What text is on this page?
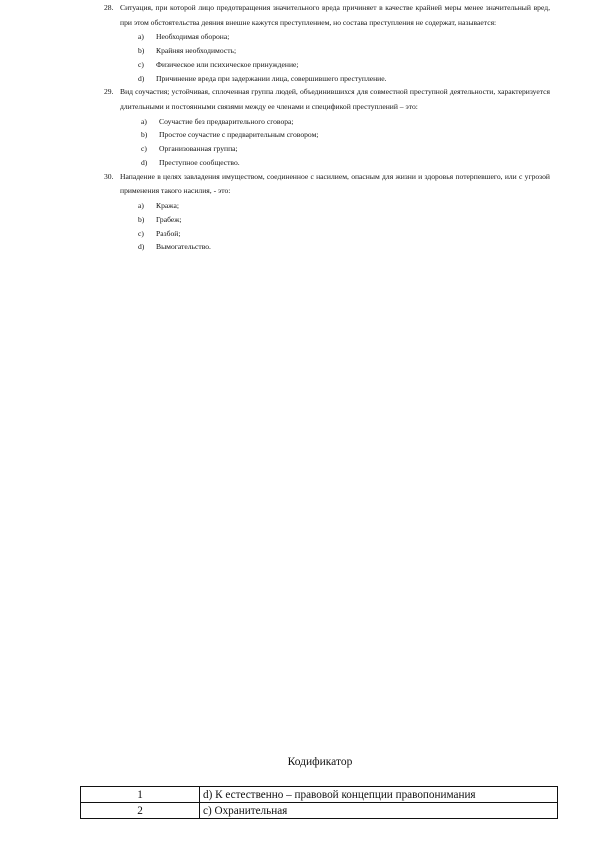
28. Ситуация, при которой лицо предотвращения значительного вреда причиняет в качестве крайней меры менее значительный вред, при этом обстоятельства деяния внешне кажутся преступлением, но состава преступления не содержат, называется:
a) Необходимая оборона;
b) Крайняя необходимость;
c) Физическое или психическое принуждение;
d) Причинение вреда при задержании лица, совершившего преступление.
29. Вид соучастия; устойчивая, сплоченная группа людей, объединившихся для совместной преступной деятельности, характеризуется длительными и постоянными связями между ее членами и спецификой преступлений – это:
a) Соучастие без предварительного сговора;
b) Простое соучастие с предварительным сговором;
c) Организованная группа;
d) Преступное сообщество.
30. Нападение в целях завладения имуществом, соединенное с насилием, опасным для жизни и здоровья потерпевшего, или с угрозой применения такого насилия, - это:
a) Кража;
b) Грабеж;
c) Разбой;
d) Вымогательство.
Кодификатор
1	d) К естественно – правовой концепции правопонимания
2	с) Охранительная
